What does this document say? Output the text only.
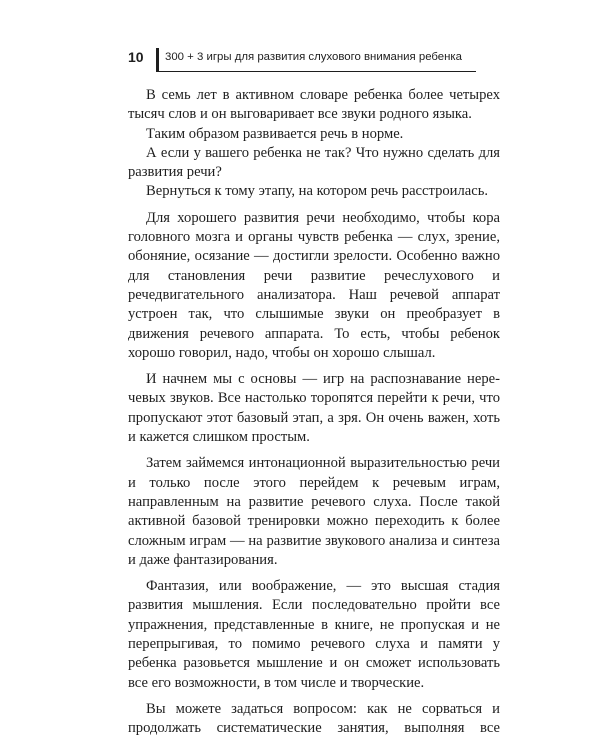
10 300 + 3 игры для развития слухового внимания ребенка

В семь лет в активном словаре ребенка более четырех тысяч слов и он выговаривает все звуки родного языка.

Таким образом развивается речь в норме.

А если у вашего ребенка не так? Что нужно сделать для развития речи?

Вернуться к тому этапу, на котором речь расстроилась.

Для хорошего развития речи необходимо, чтобы кора головного мозга и органы чувств ребенка — слух, зрение, обоняние, осязание — достигли зрелости. Особенно важно для становления речи развитие речеслухового и речедвигательного анализатора. Наш речевой аппарат устроен так, что слышимые звуки он преобразует в движения речевого аппарата. То есть, чтобы ребенок хорошо говорил, надо, чтобы он хорошо слышал.

И начнем мы с основы — игр на распознавание неречевых звуков. Все настолько торопятся перейти к речи, что пропускают этот базовый этап, а зря. Он очень важен, хоть и кажется слишком простым.

Затем займемся интонационной выразительностью речи и только после этого перейдем к речевым играм, направленным на развитие речевого слуха. После такой активной базовой тренировки можно переходить к более сложным играм — на развитие звукового анализа и синтеза и даже фантазирования.

Фантазия, или воображение, — это высшая стадия развития мышления. Если последовательно пройти все упражнения, представленные в книге, не пропуская и не перепрыгивая, то помимо речевого слуха и памяти у ребенка разовьется мышление и он сможет использовать все его возможности, в том числе и творческие.

Вы можете задаться вопросом: как не сорваться и продолжать систематические занятия, выполняя все
